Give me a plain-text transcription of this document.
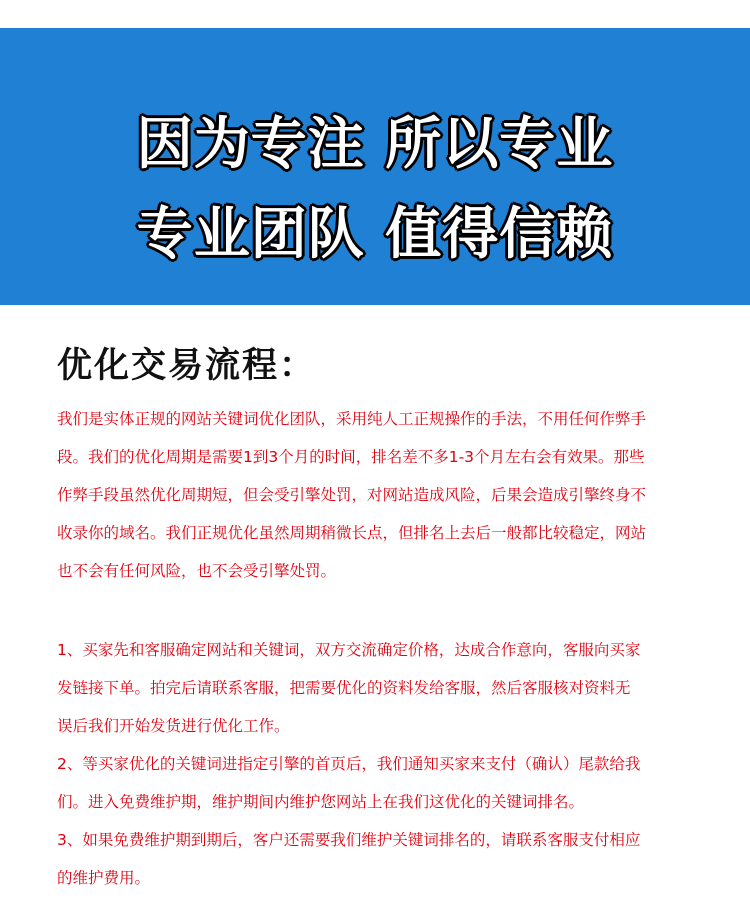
因为专注 所以专业
专业团队 值得信赖
优化交易流程：
我们是实体正规的网站关键词优化团队，采用纯人工正规操作的手法，不用任何作弊手
段。我们的优化周期是需要1到3个月的时间，排名差不多1-3个月左右会有效果。那些
作弊手段虽然优化周期短，但会受引擎处罚，对网站造成风险，后果会造成引擎终身不
收录你的域名。我们正规优化虽然周期稍微长点，但排名上去后一般都比较稳定，网站
也不会有任何风险，也不会受引擎处罚。
1、买家先和客服确定网站和关键词，双方交流确定价格，达成合作意向，客服向买家
发链接下单。拍完后请联系客服，把需要优化的资料发给客服，然后客服核对资料无
误后我们开始发货进行优化工作。
2、等买家优化的关键词进指定引擎的首页后，我们通知买家来支付（确认）尾款给我
们。进入免费维护期，维护期间内维护您网站上在我们这优化的关键词排名。
3、如果免费维护期到期后，客户还需要我们维护关键词排名的，请联系客服支付相应
的维护费用。
